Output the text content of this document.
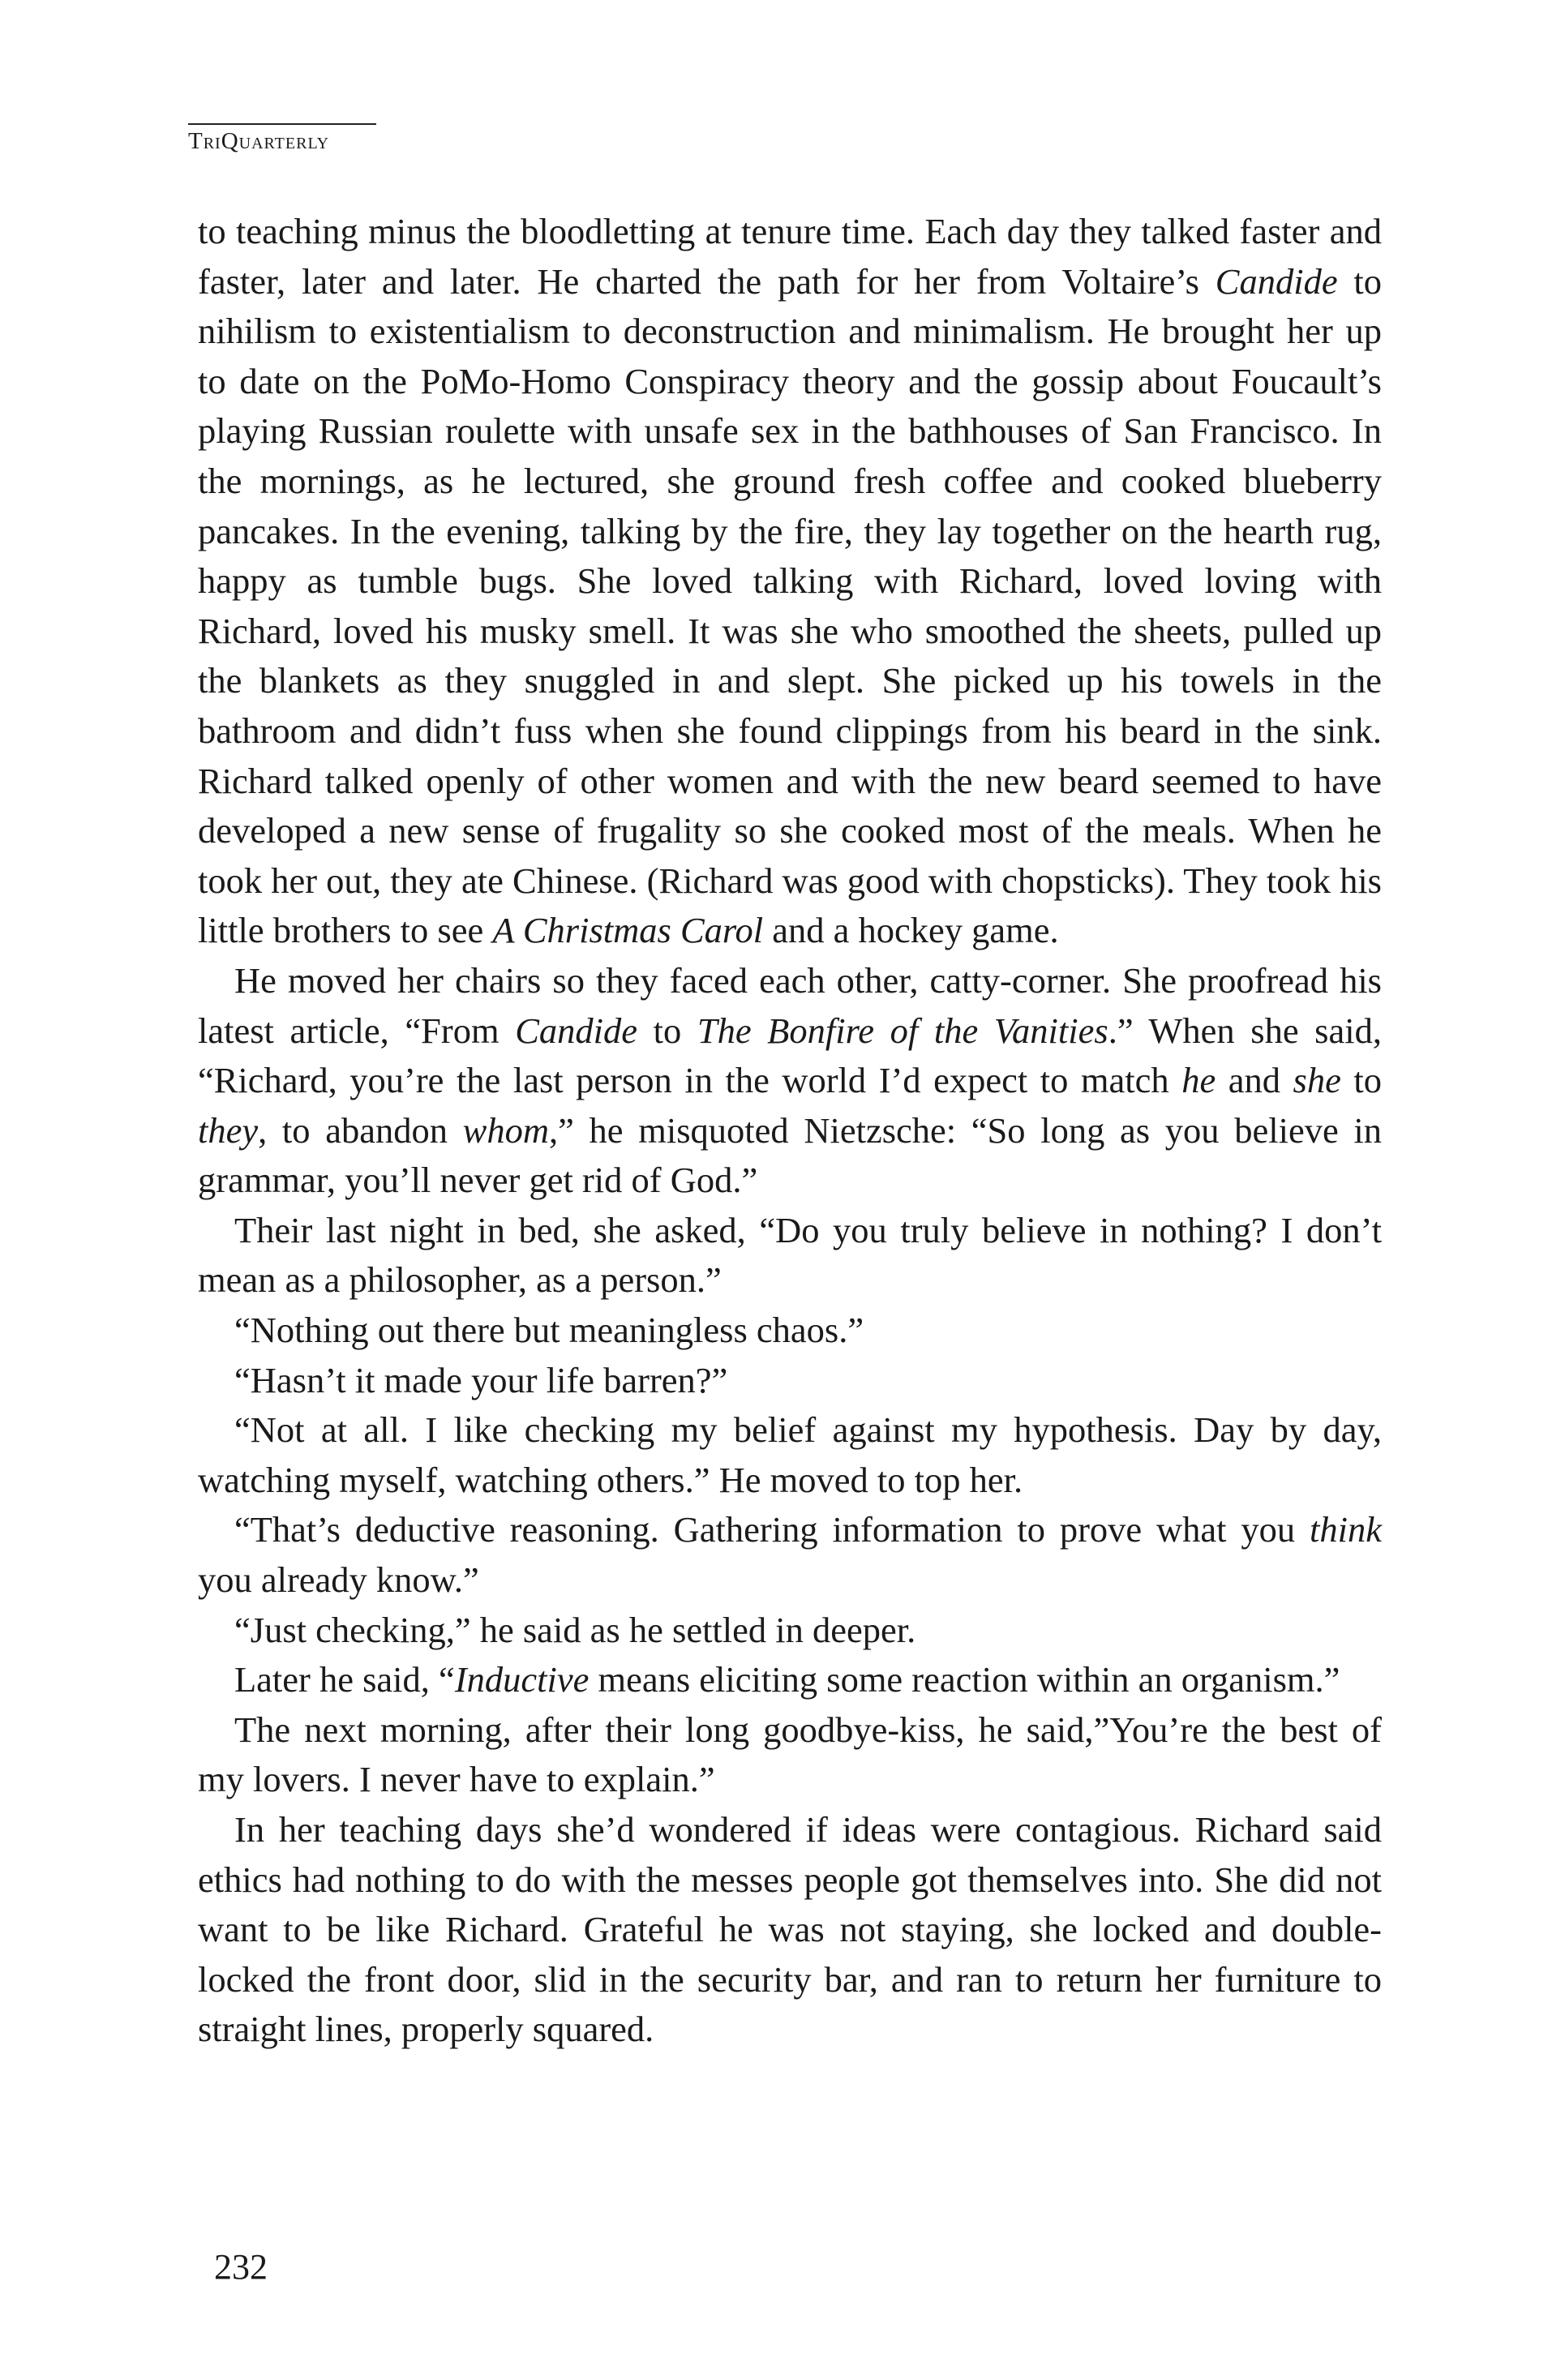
TriQuarterly

to teaching minus the bloodletting at tenure time. Each day they talked faster and faster, later and later. He charted the path for her from Voltaire’s Candide to nihilism to existentialism to deconstruction and minimalism. He brought her up to date on the PoMo-Homo Conspiracy theory and the gossip about Foucault’s playing Russian roulette with unsafe sex in the bathhouses of San Francisco. In the mornings, as he lectured, she ground fresh coffee and cooked blueberry pancakes. In the evening, talking by the fire, they lay together on the hearth rug, happy as tumble bugs. She loved talking with Richard, loved loving with Richard, loved his musky smell. It was she who smoothed the sheets, pulled up the blankets as they snuggled in and slept. She picked up his towels in the bathroom and didn’t fuss when she found clippings from his beard in the sink. Richard talked openly of other women and with the new beard seemed to have developed a new sense of frugality so she cooked most of the meals. When he took her out, they ate Chinese. (Richard was good with chopsticks). They took his little brothers to see A Christmas Carol and a hockey game.

He moved her chairs so they faced each other, catty-corner. She proofread his latest article, “From Candide to The Bonfire of the Vanities.” When she said, “Richard, you’re the last person in the world I’d expect to match he and she to they, to abandon whom,” he misquoted Nietzsche: “So long as you believe in grammar, you’ll never get rid of God.”

Their last night in bed, she asked, “Do you truly believe in nothing? I don’t mean as a philosopher, as a person.”

“Nothing out there but meaningless chaos.”

“Hasn’t it made your life barren?”

“Not at all. I like checking my belief against my hypothesis. Day by day, watching myself, watching others.” He moved to top her.

“That’s deductive reasoning. Gathering information to prove what you think you already know.”

“Just checking,” he said as he settled in deeper.

Later he said, “Inductive means eliciting some reaction within an organism.”

The next morning, after their long goodbye-kiss, he said,”You’re the best of my lovers. I never have to explain.”

In her teaching days she’d wondered if ideas were contagious. Richard said ethics had nothing to do with the messes people got themselves into. She did not want to be like Richard. Grateful he was not staying, she locked and double-locked the front door, slid in the security bar, and ran to return her furniture to straight lines, properly squared.

232
